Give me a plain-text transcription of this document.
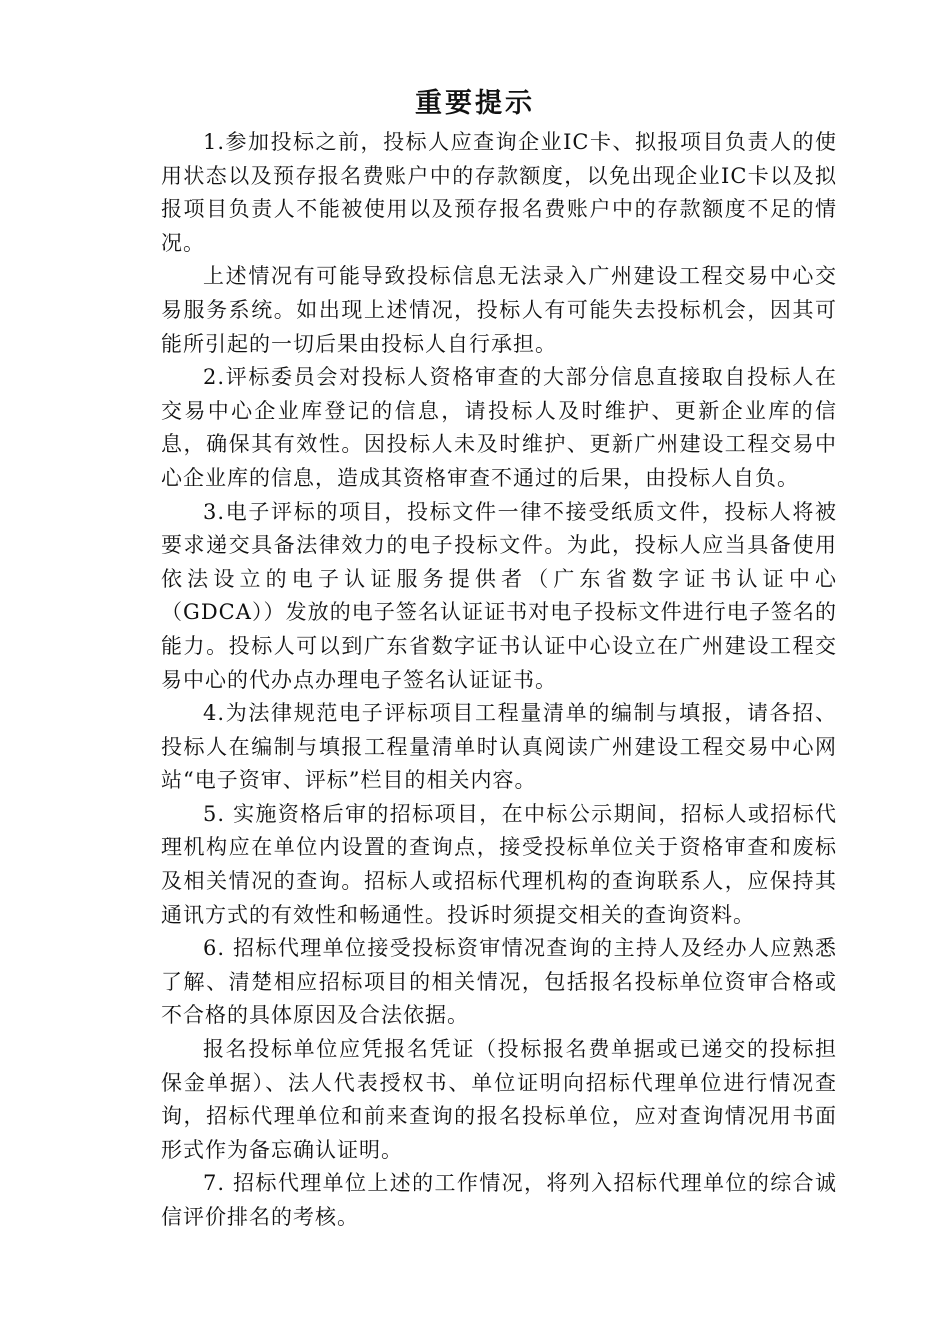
重要提示

1.参加投标之前，投标人应查询企业IC卡、拟报项目负责人的使用状态以及预存报名费账户中的存款额度，以免出现企业IC卡以及拟报项目负责人不能被使用以及预存报名费账户中的存款额度不足的情况。

上述情况有可能导致投标信息无法录入广州建设工程交易中心交易服务系统。如出现上述情况，投标人有可能失去投标机会，因其可能所引起的一切后果由投标人自行承担。

2.评标委员会对投标人资格审查的大部分信息直接取自投标人在交易中心企业库登记的信息，请投标人及时维护、更新企业库的信息，确保其有效性。因投标人未及时维护、更新广州建设工程交易中心企业库的信息，造成其资格审查不通过的后果，由投标人自负。

3.电子评标的项目，投标文件一律不接受纸质文件，投标人将被要求递交具备法律效力的电子投标文件。为此，投标人应当具备使用依法设立的电子认证服务提供者（广东省数字证书认证中心（GDCA））发放的电子签名认证证书对电子投标文件进行电子签名的能力。投标人可以到广东省数字证书认证中心设立在广州建设工程交易中心的代办点办理电子签名认证证书。

4.为法律规范电子评标项目工程量清单的编制与填报，请各招、投标人在编制与填报工程量清单时认真阅读广州建设工程交易中心网站“电子资审、评标”栏目的相关内容。

5. 实施资格后审的招标项目，在中标公示期间，招标人或招标代理机构应在单位内设置的查询点，接受投标单位关于资格审查和废标及相关情况的查询。招标人或招标代理机构的查询联系人，应保持其通讯方式的有效性和畅通性。投诉时须提交相关的查询资料。

6. 招标代理单位接受投标资审情况查询的主持人及经办人应熟悉了解、清楚相应招标项目的相关情况，包括报名投标单位资审合格或不合格的具体原因及合法依据。

报名投标单位应凭报名凭证（投标报名费单据或已递交的投标担保金单据）、法人代表授权书、单位证明向招标代理单位进行情况查询，招标代理单位和前来查询的报名投标单位，应对查询情况用书面形式作为备忘确认证明。

7. 招标代理单位上述的工作情况，将列入招标代理单位的综合诚信评价排名的考核。
